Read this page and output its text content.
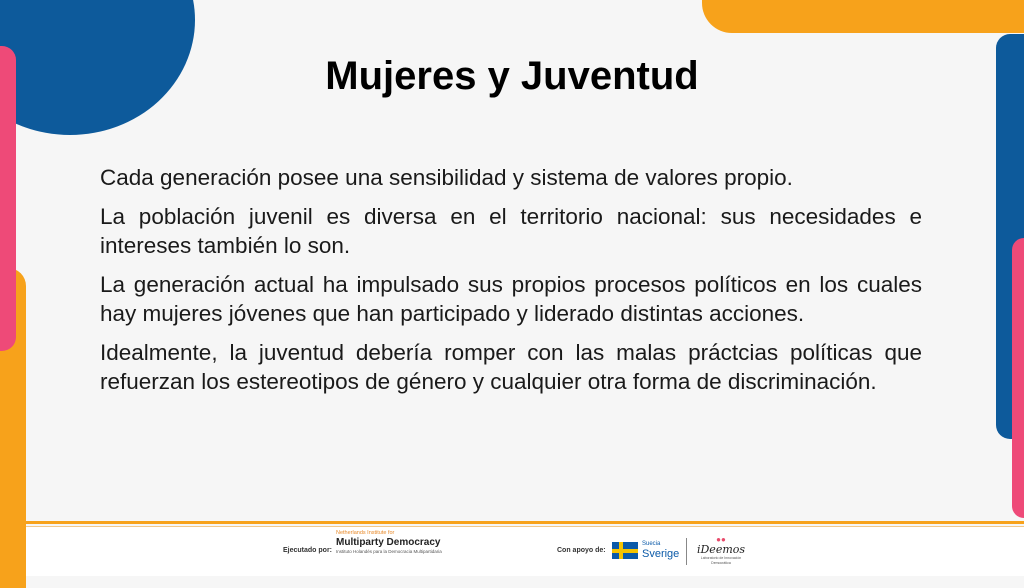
Mujeres y Juventud

Cada generación posee una sensibilidad y sistema de valores propio.

La población juvenil es diversa en el territorio nacional: sus necesidades e intereses también lo son.

La generación actual ha impulsado sus propios procesos políticos en los cuales hay mujeres jóvenes que han participado y liderado distintas acciones.

Idealmente, la juventud debería romper con las malas práctcias políticas que refuerzan los estereotipos de género y cualquier otra forma de discriminación.

Ejecutado por:
Netherlands Institute for
Multiparty Democracy
Instituto Holandés para la Democracia Multipartidaria	Con apoyo de:
Suecia
Sverige
●●
iDeemos
Laboratorio de Innovación Democrática
